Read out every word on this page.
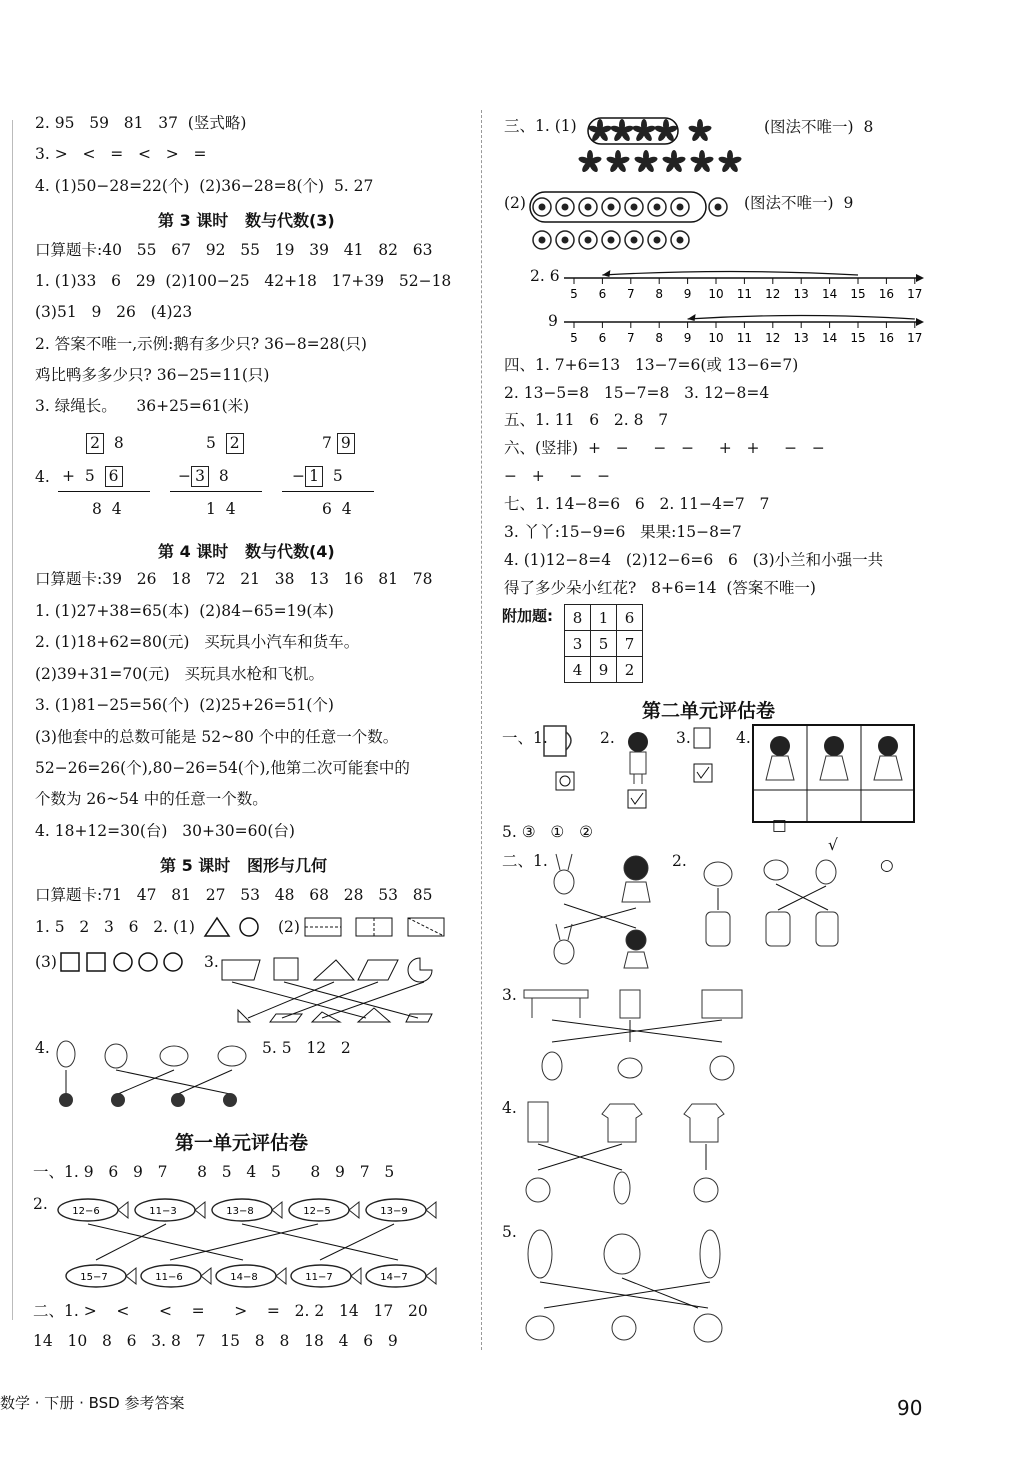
2. 95   59   81   37  (竖式略)
3. >   <   =   <   >   =
4. (1)50−28=22(个)  (2)36−28=8(个)  5. 27
第 3 课时   数与代数(3)
口算题卡:40   55   67   92   55   19   39   41   82   63
1. (1)33   6   29  (2)100−25   42+18   17+39   52−18
(3)51   9   26   (4)23
2. 答案不唯一,示例:鹅有多少只? 36−8=28(只)
鸡比鸭多多少只? 36−25=11(只)
3. 绿绳长。    36+25=61(米)
4.
2 8
+ 5 6
8  4
5 2
− 3 8
1  4
7 9
− 1 5
6  4
第 4 课时   数与代数(4)
口算题卡:39   26   18   72   21   38   13   16   81   78
1. (1)27+38=65(本)  (2)84−65=19(本)
2. (1)18+62=80(元)   买玩具小汽车和货车。
(2)39+31=70(元)   买玩具水枪和飞机。
3. (1)81−25=56(个)  (2)25+26=51(个)
(3)他套中的总数可能是 52~80 个中的任意一个数。
52−26=26(个),80−26=54(个),他第二次可能套中的
个数为 26~54 中的任意一个数。
4. 18+12=30(台)   30+30=60(台)
第 5 课时   图形与几何
口算题卡:71   47   81   27   53   48   68   28   53   85
1. 5   2   3   6   2. (1)	(2)
(3)	3.
4.	5. 5   12   2
第一单元评估卷
一、1. 9   6   9   7      8   5   4   5      8   9   7   5
2. 12−6	11−3	13−8	12−5	13−9
15−7	11−6	14−8	11−7	14−7
二、1. >    <      <    =      >    =   2. 2   14   17   20
14   10   8   6   3. 8   7   15   8   8   18   4   6   9
三、1. (1)	(图法不唯一)  8
(2)	(图法不唯一)  9
2. 6
5 6 7 8 9 10 11 12 13 14 15 16 17
9
5 6 7 8 9 10 11 12 13 14 15 16 17
四、1. 7+6=13   13−7=6(或 13−6=7)
2. 13−5=8   15−7=8   3. 12−8=4
五、1. 11   6   2. 8   7
六、(竖排)  +   −     −   −     +   +     −   −
−   +     −   −
七、1. 14−8=6   6   2. 11−4=7   7
3. 丫丫:15−9=6   果果:15−8=7
4. (1)12−8=4   (2)12−6=6   6   (3)小兰和小强一共
得了多少朵小红花?   8+6=14  (答案不唯一)
附加题: 8	1	6
3	5	7
4	9	2
第二单元评估卷
一、1.	2.	3.	4.

□

√

○

5. ③   ①   ②
二、1.	2.
3.
4.
5.
数学 · 下册 · BSD 参考答案	90
